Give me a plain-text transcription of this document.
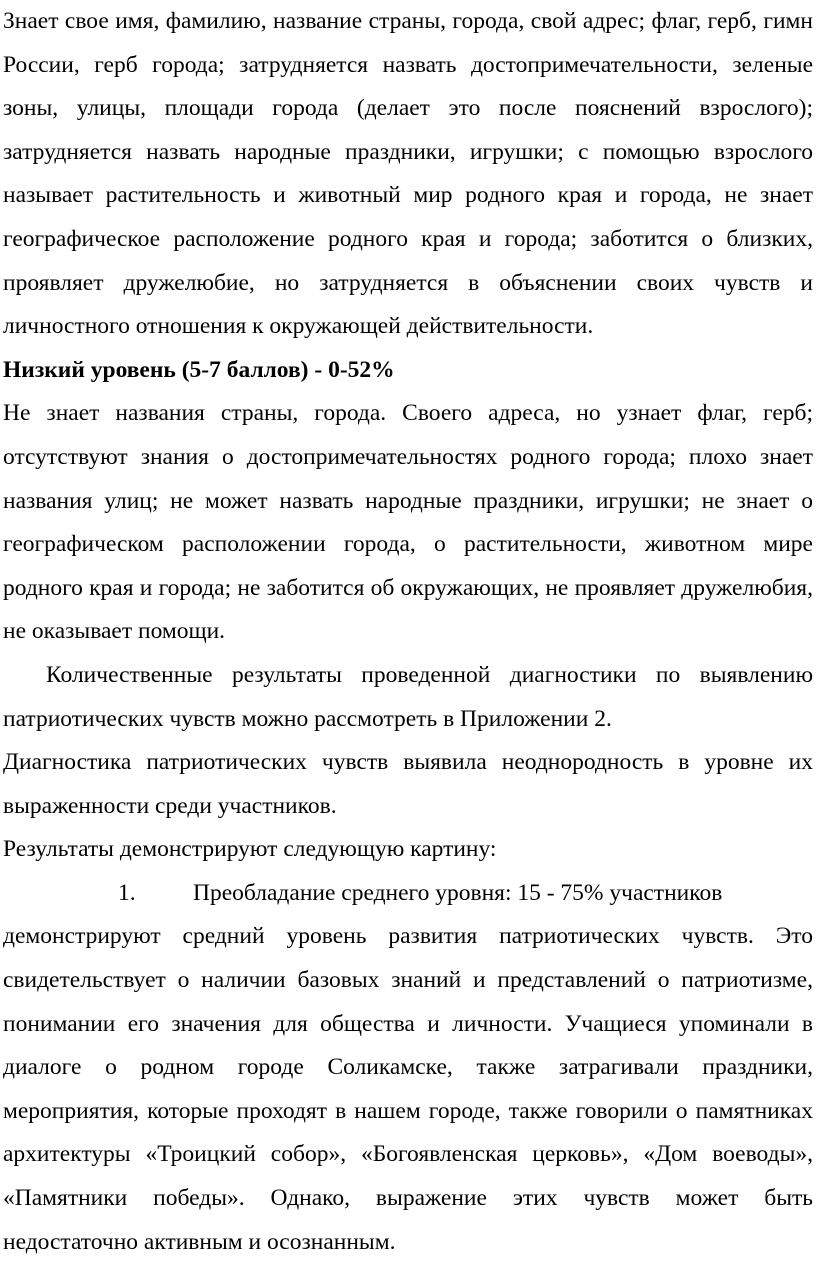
Знает свое имя, фамилию, название страны, города, свой адрес; флаг, герб, гимн России, герб города; затрудняется назвать достопримечательности, зеленые зоны, улицы, площади города (делает это после пояснений взрослого); затрудняется назвать народные праздники, игрушки; с помощью взрослого называет растительность и животный мир родного края и города, не знает географическое расположение родного края и города; заботится о близких, проявляет дружелюбие, но затрудняется в объяснении своих чувств и личностного отношения к окружающей действительности.

Низкий уровень (5-7 баллов) - 0-52%

Не знает названия страны, города. Своего адреса, но узнает флаг, герб; отсутствуют знания о достопримечательностях родного города; плохо знает названия улиц; не может назвать народные праздники, игрушки; не знает о географическом расположении города, о растительности, животном мире родного края и города; не заботится об окружающих, не проявляет дружелюбия, не оказывает помощи.

Количественные результаты проведенной диагностики по выявлению патриотических чувств можно рассмотреть в Приложении 2.

Диагностика патриотических чувств выявила неоднородность в уровне их выраженности среди участников.

Результаты демонстрируют следующую картину:

1.	Преобладание среднего уровня: 15 - 75% участников

демонстрируют средний уровень развития патриотических чувств. Это свидетельствует о наличии базовых знаний и представлений о патриотизме, понимании его значения для общества и личности. Учащиеся упоминали в диалоге о родном городе Соликамске, также затрагивали праздники, мероприятия, которые проходят в нашем городе, также говорили о памятниках архитектуры «Троицкий собор», «Богоявленская церковь», «Дом воеводы», «Памятники победы». Однако, выражение этих чувств может быть недостаточно активным и осознанным.
